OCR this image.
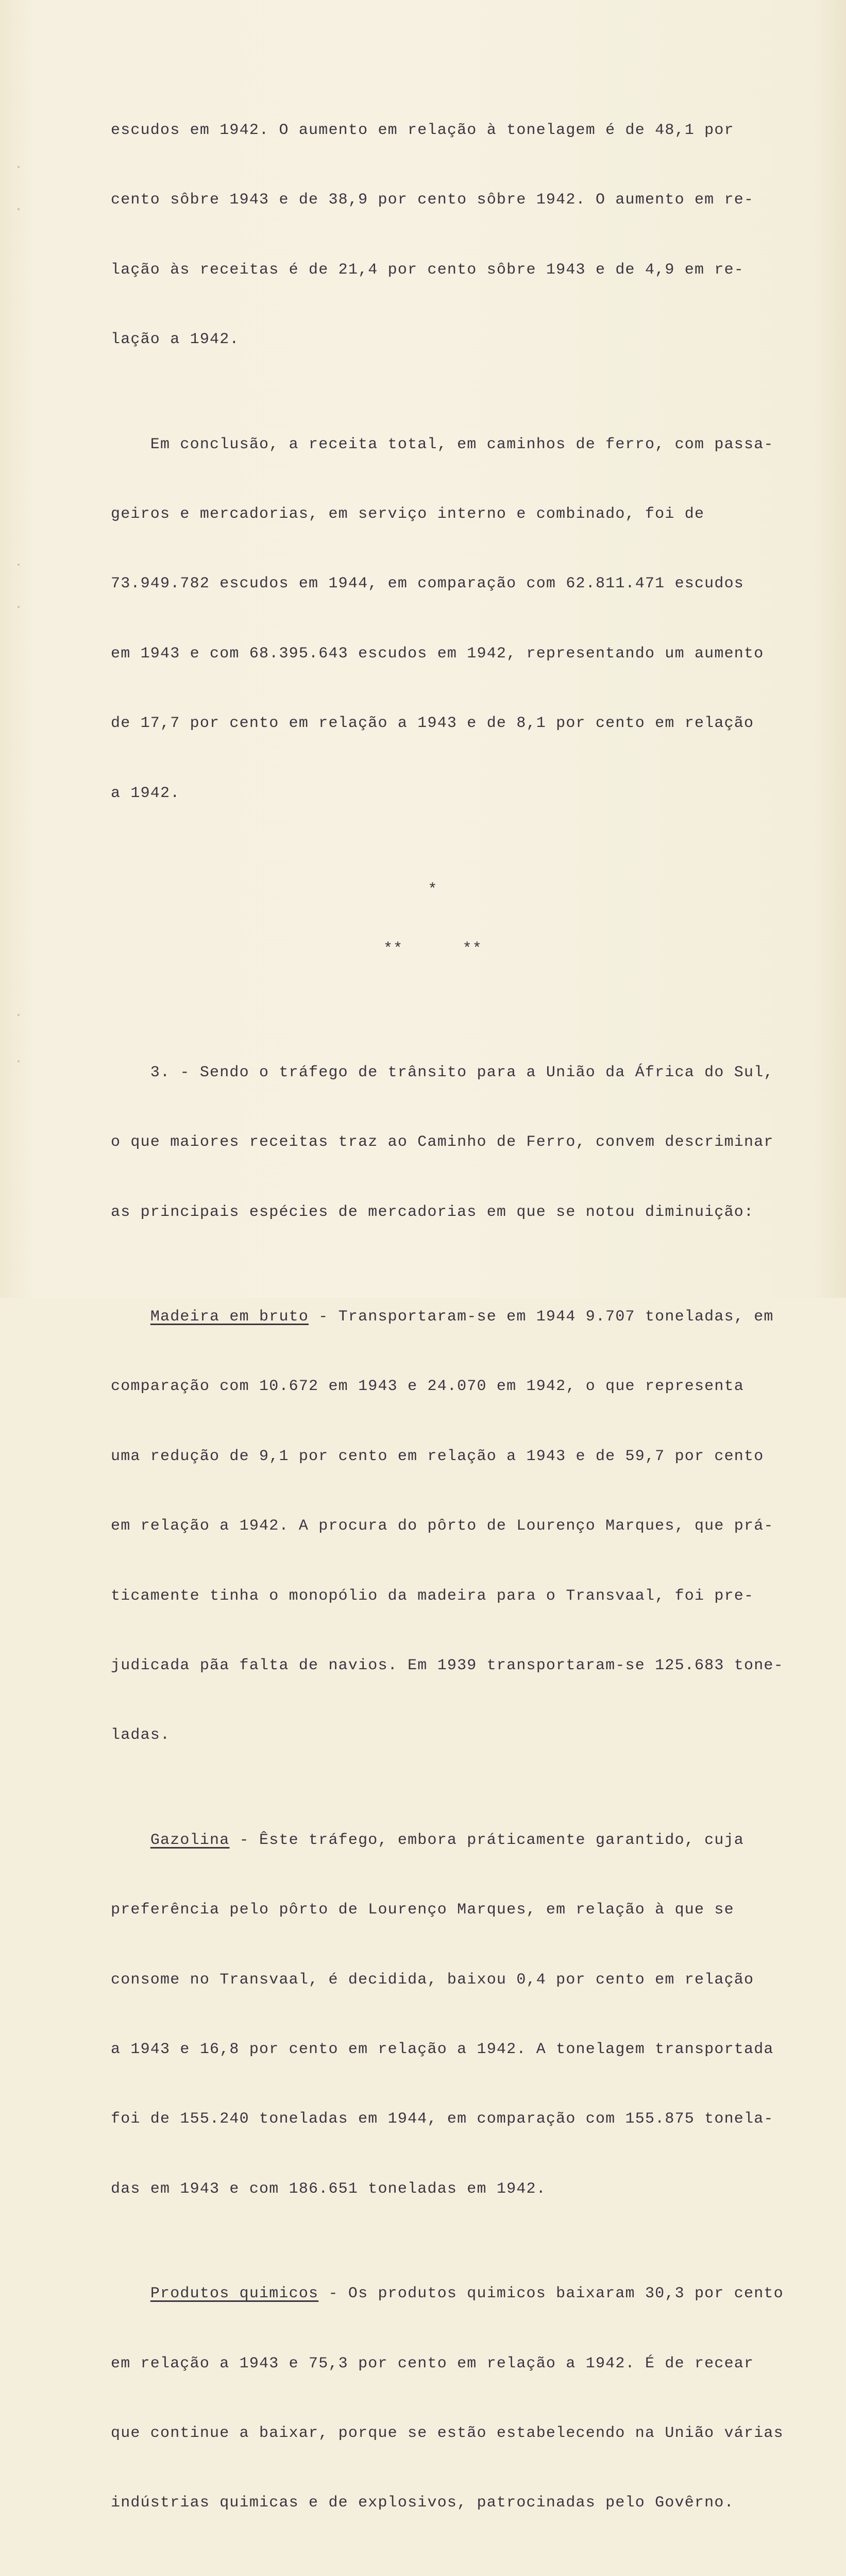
escudos em 1942. O aumento em relação à tonelagem é de 48,1 por

cento sôbre 1943 e de 38,9 por cento sôbre 1942. O aumento em re-

lação às receitas é de 21,4 por cento sôbre 1943 e de 4,9 em re-

lação a 1942.

Em conclusão, a receita total, em caminhos de ferro, com passa-

geiros e mercadorias, em serviço interno e combinado, foi de

73.949.782 escudos em 1944, em comparação com 62.811.471 escudos

em 1943 e com 68.395.643 escudos em 1942, representando um aumento

de 17,7 por cento em relação a 1943 e de 8,1 por cento em relação

a 1942.

*

**      **

3. - Sendo o tráfego de trânsito para a União da África do Sul,

o que maiores receitas traz ao Caminho de Ferro, convem descriminar

as principais espécies de mercadorias em que se notou diminuição:

Madeira em bruto - Transportaram-se em 1944 9.707 toneladas, em

comparação com 10.672 em 1943 e 24.070 em 1942, o que representa

uma redução de 9,1 por cento em relação a 1943 e de 59,7 por cento

em relação a 1942. A procura do pôrto de Lourenço Marques, que prá-

ticamente tinha o monopólio da madeira para o Transvaal, foi pre-

judicada pãa falta de navios. Em 1939 transportaram-se 125.683 tone-

ladas.

Gazolina - Êste tráfego, embora práticamente garantido, cuja

preferência pelo pôrto de Lourenço Marques, em relação à que se

consome no Transvaal, é decidida, baixou 0,4 por cento em relação

a 1943 e 16,8 por cento em relação a 1942. A tonelagem transportada

foi de 155.240 toneladas em 1944, em comparação com 155.875 tonela-

das em 1943 e com 186.651 toneladas em 1942.

Produtos quimicos - Os produtos quimicos baixaram 30,3 por cento

em relação a 1943 e 75,3 por cento em relação a 1942. É de recear

que continue a baixar, porque se estão estabelecendo na União várias

indústrias quimicas e de explosivos, patrocinadas pelo Govêrno.
